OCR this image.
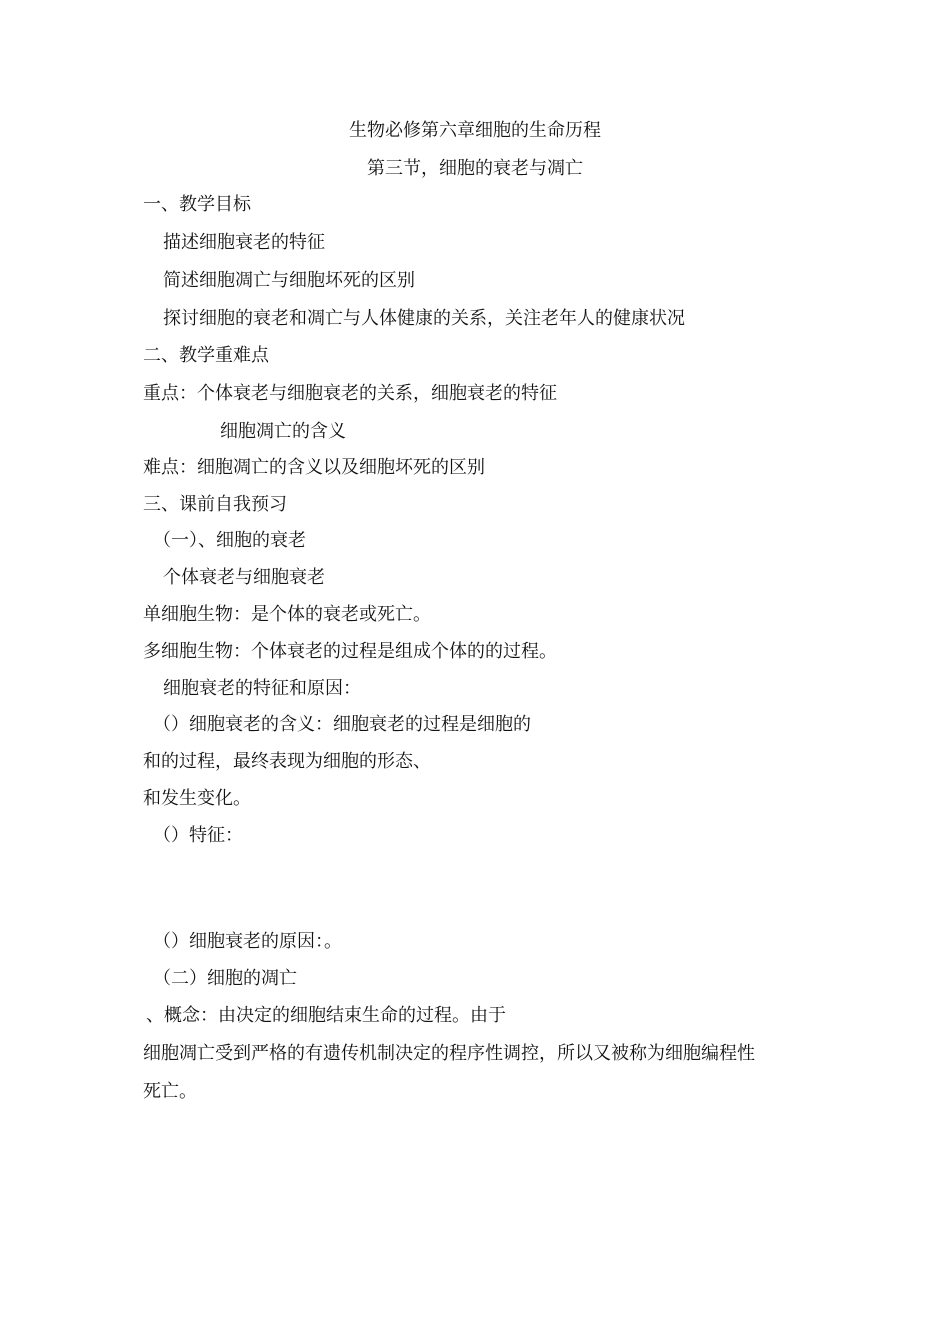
生物必修第六章细胞的生命历程
第三节，细胞的衰老与凋亡
一、教学目标
描述细胞衰老的特征
简述细胞凋亡与细胞坏死的区别
探讨细胞的衰老和凋亡与人体健康的关系，关注老年人的健康状况
二、教学重难点
重点：个体衰老与细胞衰老的关系，细胞衰老的特征
细胞凋亡的含义
难点：细胞凋亡的含义以及细胞坏死的区别
三、课前自我预习
（一）、细胞的衰老
个体衰老与细胞衰老
单细胞生物：是个体的衰老或死亡。
多细胞生物：个体衰老的过程是组成个体的的过程。
细胞衰老的特征和原因：
（）细胞衰老的含义：细胞衰老的过程是细胞的
和的过程，最终表现为细胞的形态、
和发生变化。
（）特征：
（）细胞衰老的原因：。
（二）细胞的凋亡
、概念：由决定的细胞结束生命的过程。由于
细胞凋亡受到严格的有遗传机制决定的程序性调控，所以又被称为细胞编程性
死亡。
